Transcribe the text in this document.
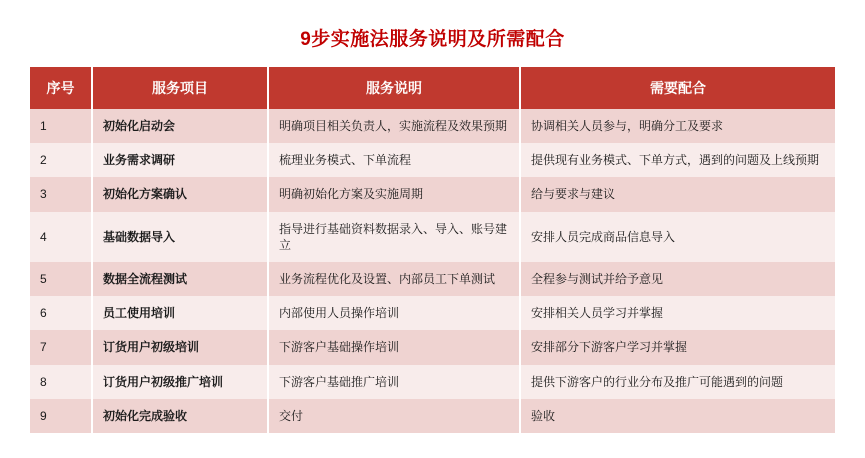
9步实施法服务说明及所需配合
序号	服务项目	服务说明	需要配合
1	初始化启动会	明确项目相关负责人，实施流程及效果预期	协调相关人员参与，明确分工及要求
2	业务需求调研	梳理业务模式、下单流程	提供现有业务模式、下单方式，遇到的问题及上线预期
3	初始化方案确认	明确初始化方案及实施周期	给与要求与建议
4	基础数据导入	指导进行基础资料数据录入、导入、账号建立	安排人员完成商品信息导入
5	数据全流程测试	业务流程优化及设置、内部员工下单测试	全程参与测试并给予意见
6	员工使用培训	内部使用人员操作培训	安排相关人员学习并掌握
7	订货用户初级培训	下游客户基础操作培训	安排部分下游客户学习并掌握
8	订货用户初级推广培训	下游客户基础推广培训	提供下游客户的行业分布及推广可能遇到的问题
9	初始化完成验收	交付	验收
